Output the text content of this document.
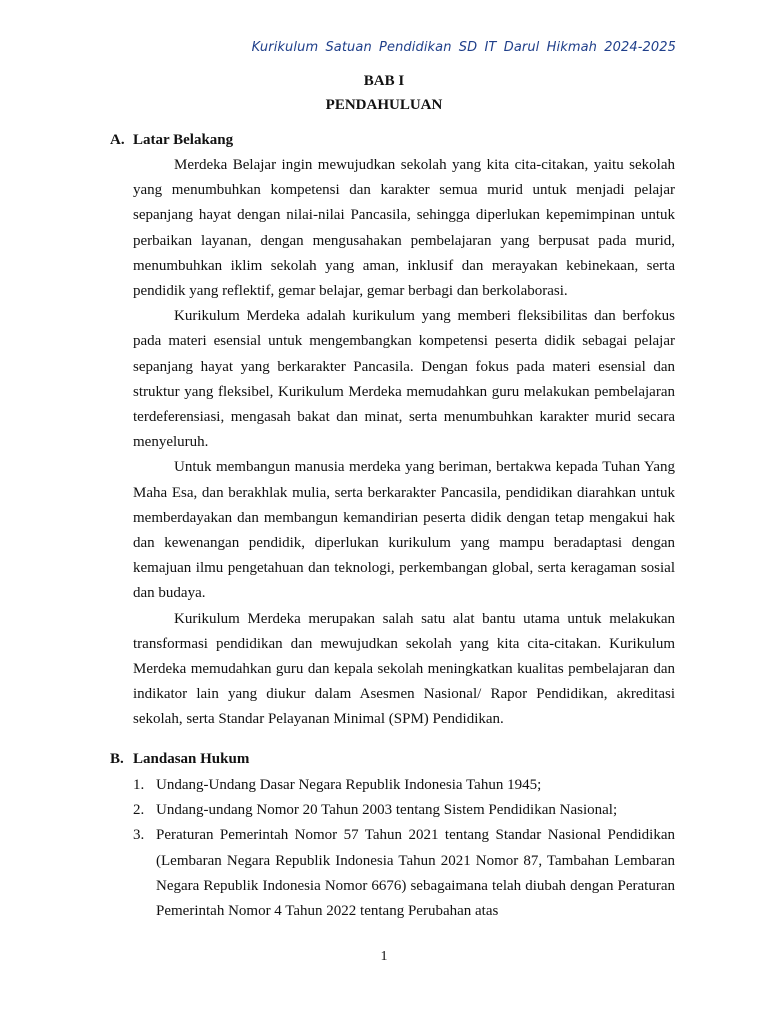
Kurikulum Satuan Pendidikan SD IT Darul Hikmah 2024-2025
BAB I
PENDAHULUAN
A. Latar Belakang

Merdeka Belajar ingin mewujudkan sekolah yang kita cita-citakan, yaitu sekolah yang menumbuhkan kompetensi dan karakter semua murid untuk menjadi pelajar sepanjang hayat dengan nilai-nilai Pancasila, sehingga diperlukan kepemimpinan untuk perbaikan layanan, dengan mengusahakan pembelajaran yang berpusat pada murid, menumbuhkan iklim sekolah yang aman, inklusif dan merayakan kebinekaan, serta pendidik yang reflektif, gemar belajar, gemar berbagi dan berkolaborasi.

Kurikulum Merdeka adalah kurikulum yang memberi fleksibilitas dan berfokus pada materi esensial untuk mengembangkan kompetensi peserta didik sebagai pelajar sepanjang hayat yang berkarakter Pancasila. Dengan fokus pada materi esensial dan struktur yang fleksibel, Kurikulum Merdeka memudahkan guru melakukan pembelajaran terdeferensiasi, mengasah bakat dan minat, serta menumbuhkan karakter murid secara menyeluruh.

Untuk membangun manusia merdeka yang beriman, bertakwa kepada Tuhan Yang Maha Esa, dan berakhlak mulia, serta berkarakter Pancasila, pendidikan diarahkan untuk memberdayakan dan membangun kemandirian peserta didik dengan tetap mengakui hak dan kewenangan pendidik, diperlukan kurikulum yang mampu beradaptasi dengan kemajuan ilmu pengetahuan dan teknologi, perkembangan global, serta keragaman sosial dan budaya.

Kurikulum Merdeka merupakan salah satu alat bantu utama untuk melakukan transformasi pendidikan dan mewujudkan sekolah yang kita cita-citakan. Kurikulum Merdeka memudahkan guru dan kepala sekolah meningkatkan kualitas pembelajaran dan indikator lain yang diukur dalam Asesmen Nasional/ Rapor Pendidikan, akreditasi sekolah, serta Standar Pelayanan Minimal (SPM) Pendidikan.

B. Landasan Hukum
1. Undang-Undang Dasar Negara Republik Indonesia Tahun 1945;
2. Undang-undang Nomor 20 Tahun 2003 tentang Sistem Pendidikan Nasional;
3. Peraturan Pemerintah Nomor 57 Tahun 2021 tentang Standar Nasional Pendidikan (Lembaran Negara Republik Indonesia Tahun 2021 Nomor 87, Tambahan Lembaran Negara Republik Indonesia Nomor 6676) sebagaimana telah diubah dengan Peraturan Pemerintah Nomor 4 Tahun 2022 tentang Perubahan atas
1
